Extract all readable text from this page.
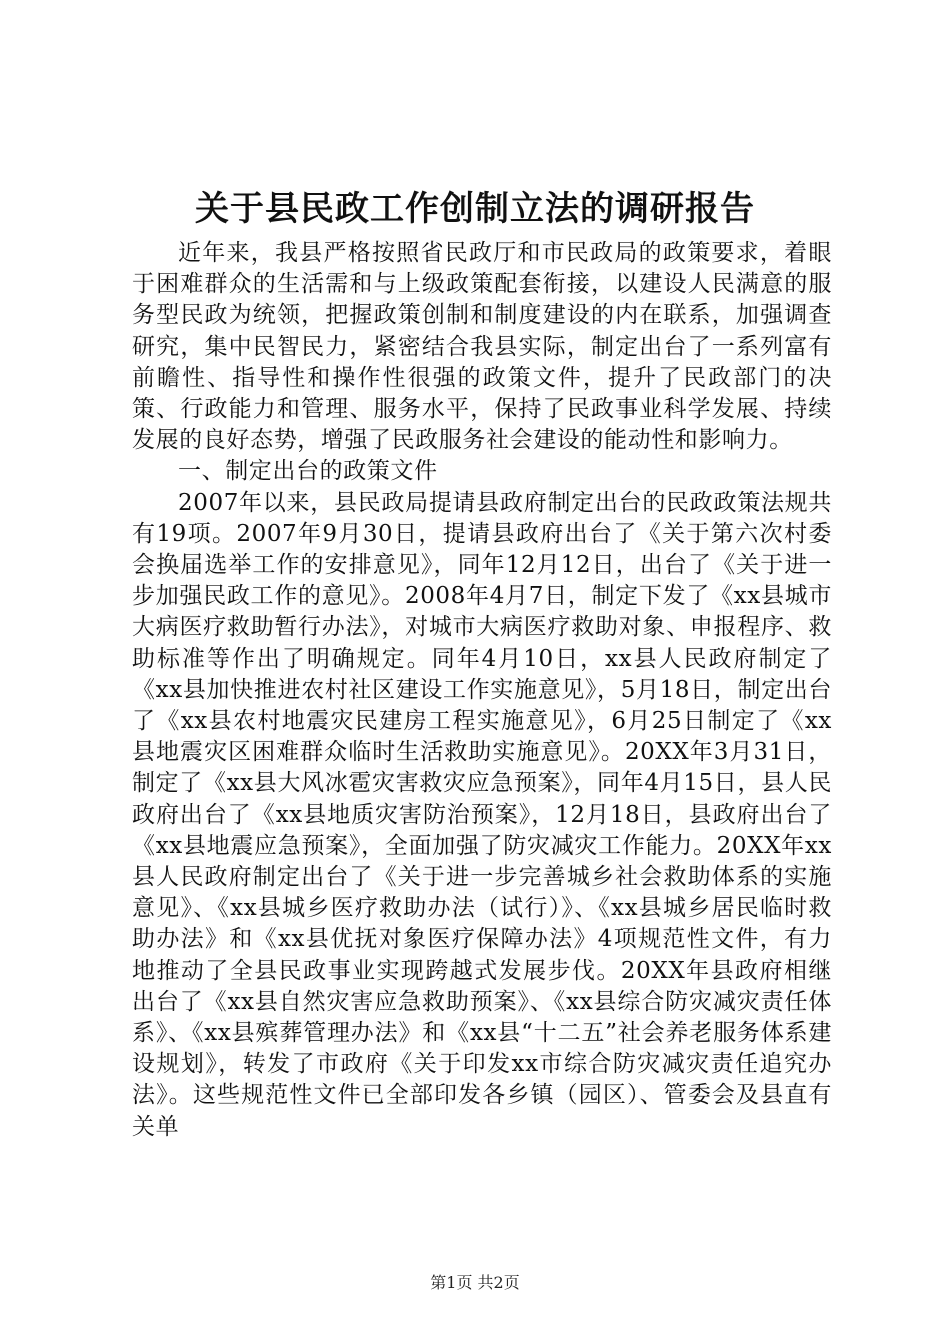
关于县民政工作创制立法的调研报告

近年来，我县严格按照省民政厅和市民政局的政策要求，着眼于困难群众的生活需和与上级政策配套衔接，以建设人民满意的服务型民政为统领，把握政策创制和制度建设的内在联系，加强调查研究，集中民智民力，紧密结合我县实际，制定出台了一系列富有前瞻性、指导性和操作性很强的政策文件，提升了民政部门的决策、行政能力和管理、服务水平，保持了民政事业科学发展、持续发展的良好态势，增强了民政服务社会建设的能动性和影响力。

一、制定出台的政策文件

2007年以来，县民政局提请县政府制定出台的民政政策法规共有19项。2007年9月30日，提请县政府出台了《关于第六次村委会换届选举工作的安排意见》，同年12月12日，出台了《关于进一步加强民政工作的意见》。2008年4月7日，制定下发了《xx县城市大病医疗救助暂行办法》，对城市大病医疗救助对象、申报程序、救助标准等作出了明确规定。同年4月10日，xx县人民政府制定了《xx县加快推进农村社区建设工作实施意见》，5月18日，制定出台了《xx县农村地震灾民建房工程实施意见》，6月25日制定了《xx县地震灾区困难群众临时生活救助实施意见》。20XX年3月31日，制定了《xx县大风冰雹灾害救灾应急预案》，同年4月15日，县人民政府出台了《xx县地质灾害防治预案》，12月18日，县政府出台了《xx县地震应急预案》，全面加强了防灾减灾工作能力。20XX年xx县人民政府制定出台了《关于进一步完善城乡社会救助体系的实施意见》、《xx县城乡医疗救助办法（试行）》、《xx县城乡居民临时救助办法》和《xx县优抚对象医疗保障办法》4项规范性文件，有力地推动了全县民政事业实现跨越式发展步伐。20XX年县政府相继出台了《xx县自然灾害应急救助预案》、《xx县综合防灾减灾责任体系》、《xx县殡葬管理办法》和《xx县“十二五”社会养老服务体系建设规划》，转发了市政府《关于印发xx市综合防灾减灾责任追究办法》。这些规范性文件已全部印发各乡镇（园区）、管委会及县直有关单

第1页 共2页
